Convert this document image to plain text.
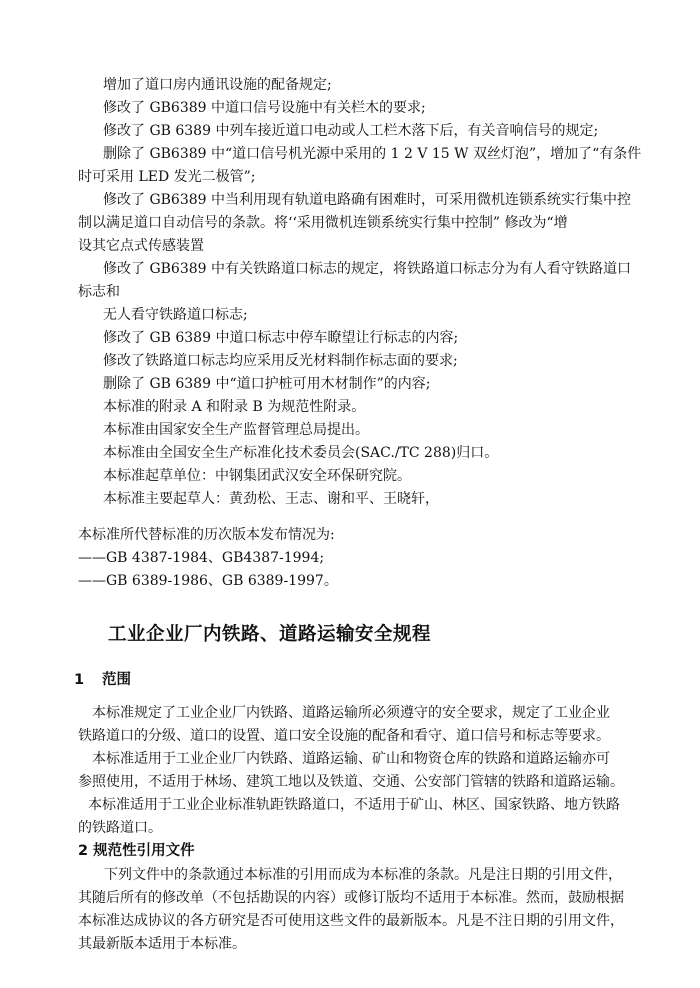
增加了道口房内通讯设施的配备规定;
修改了 GB6389 中道口信号设施中有关栏木的要求;
修改了 GB 6389 中列车接近道口电动或人工栏木落下后，有关音响信号的规定;
删除了 GB6389 中“道口信号机光源中采用的 1 2 V 15 W 双丝灯泡”，增加了“有条件
时可采用 LED 发光二极管”;
修改了 GB6389 中当利用现有轨道电路确有困难时，可采用微机连锁系统实行集中控
制以满足道口自动信号的条款。将‘‘采用微机连锁系统实行集中控制” 修改为“增
设其它点式传感装置
修改了 GB6389 中有关铁路道口标志的规定，将铁路道口标志分为有人看守铁路道口
标志和
无人看守铁路道口标志;
修改了 GB 6389 中道口标志中停车瞭望让行标志的内容;
修改了铁路道口标志均应采用反光材料制作标志面的要求;
删除了 GB 6389 中“道口护桩可用木材制作”的内容;
本标准的附录 A 和附录 B 为规范性附录。
本标准由国家安全生产监督管理总局提出。
本标准由全国安全生产标准化技术委员会(SAC./TC 288)归口。
本标准起草单位：中钢集团武汉安全环保研究院。
本标准主要起草人：黄劲松、王志、谢和平、王晓轩，
本标准所代替标准的历次版本发布情况为:
——GB 4387-1984、GB4387-1994;
——GB 6389-1986、GB 6389-1997。
工业企业厂内铁路、道路运输安全规程
1 范围
本标准规定了工业企业厂内铁路、道路运输所必须遵守的安全要求，规定了工业企业
铁路道口的分级、道口的设置、道口安全设施的配备和看守、道口信号和标志等要求。
本标准适用于工业企业厂内铁路、道路运输、矿山和物资仓库的铁路和道路运输亦可
参照使用，不适用于林场、建筑工地以及铁道、交通、公安部门管辖的铁路和道路运输。
本标准适用于工业企业标准轨距铁路道口，不适用于矿山、林区、国家铁路、地方铁路
的铁路道口。
2 规范性引用文件
下列文件中的条款通过本标准的引用而成为本标准的条款。凡是注日期的引用文件，
其随后所有的修改单（不包括勘误的内容）或修订版均不适用于本标准。然而，鼓励根据
本标准达成协议的各方研究是否可使用这些文件的最新版本。凡是不注日期的引用文件，
其最新版本适用于本标准。
